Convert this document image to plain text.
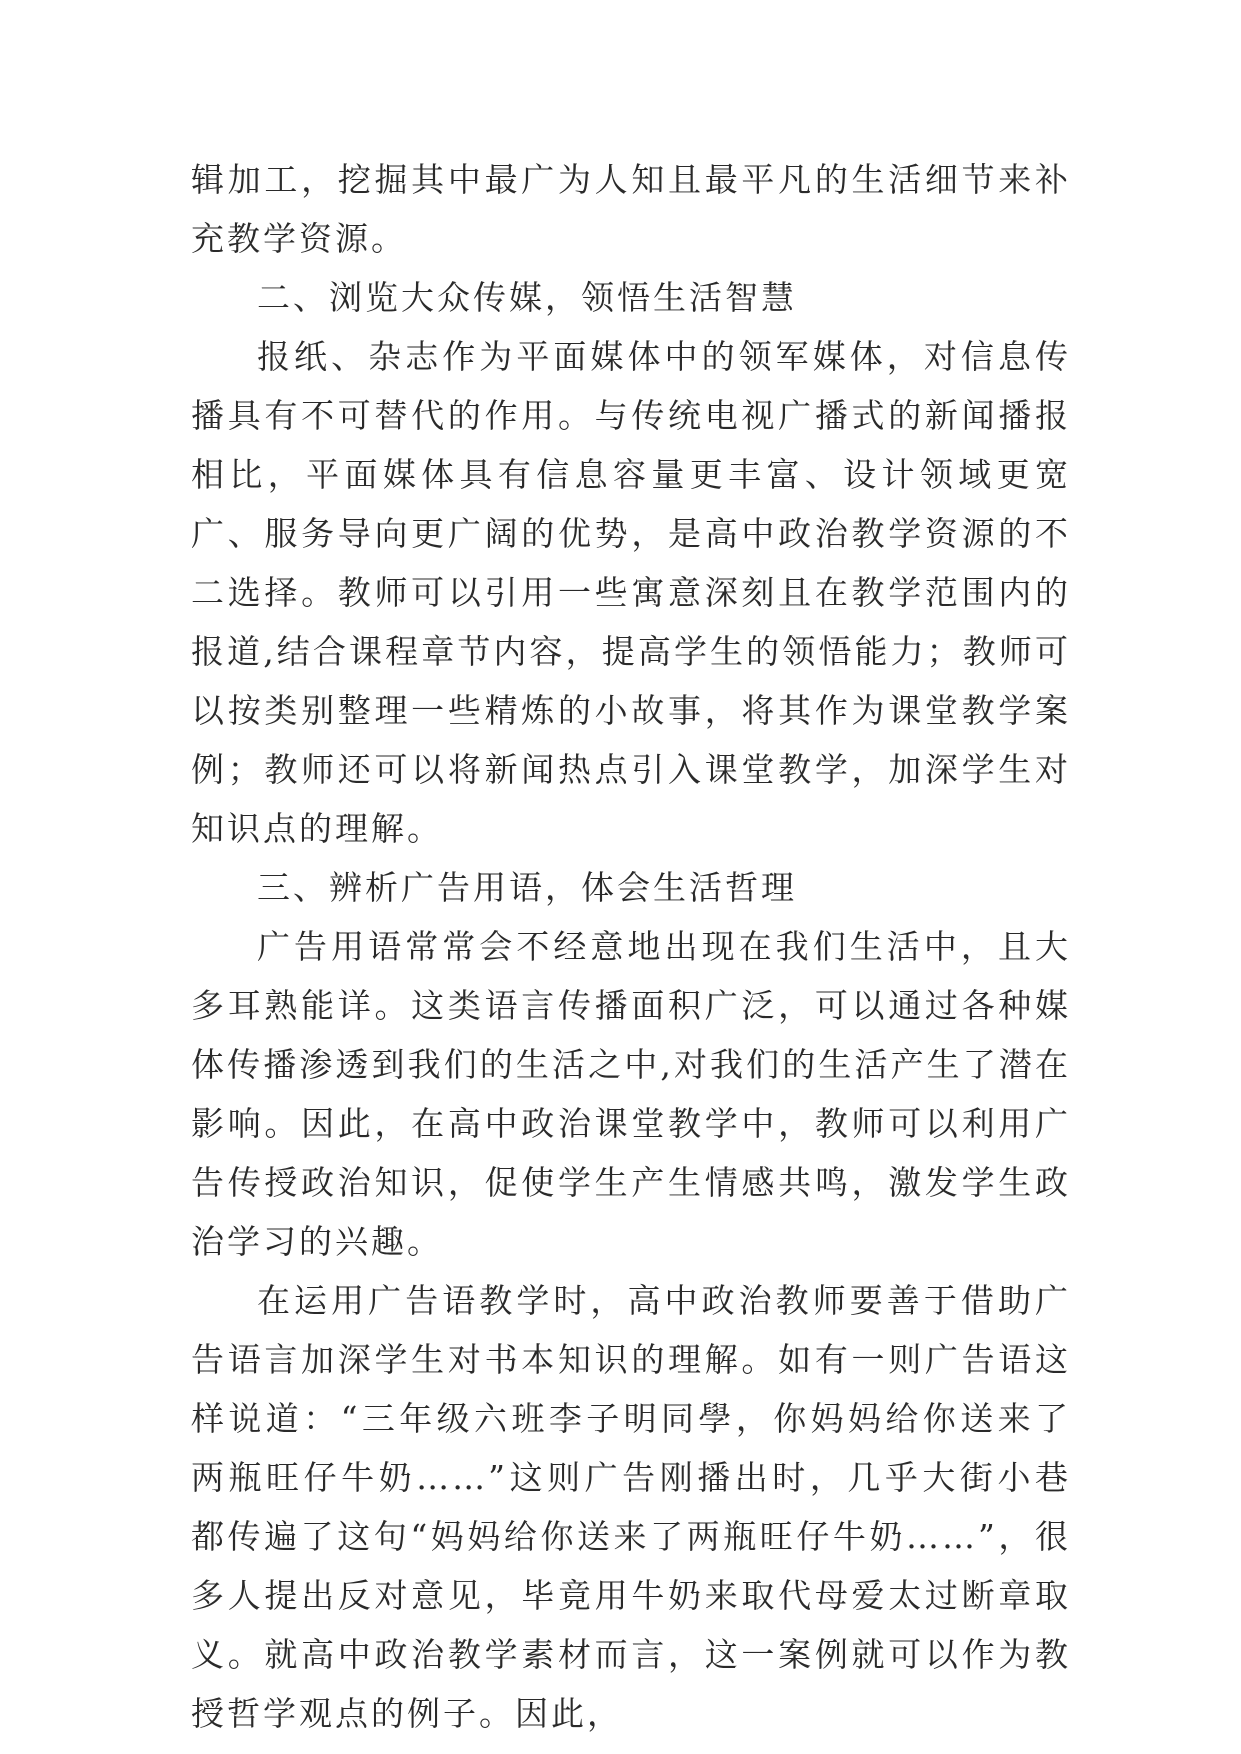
辑加工，挖掘其中最广为人知且最平凡的生活细节来补充教学资源。

二、浏览大众传媒，领悟生活智慧

报纸、杂志作为平面媒体中的领军媒体，对信息传播具有不可替代的作用。与传统电视广播式的新闻播报相比，平面媒体具有信息容量更丰富、设计领域更宽广、服务导向更广阔的优势，是高中政治教学资源的不二选择。教师可以引用一些寓意深刻且在教学范围内的报道,结合课程章节内容，提高学生的领悟能力；教师可以按类别整理一些精炼的小故事，将其作为课堂教学案例；教师还可以将新闻热点引入课堂教学，加深学生对知识点的理解。

三、辨析广告用语，体会生活哲理

广告用语常常会不经意地出现在我们生活中，且大多耳熟能详。这类语言传播面积广泛，可以通过各种媒体传播渗透到我们的生活之中,对我们的生活产生了潜在影响。因此，在高中政治课堂教学中，教师可以利用广告传授政治知识，促使学生产生情感共鸣，激发学生政治学习的兴趣。

在运用广告语教学时，高中政治教师要善于借助广告语言加深学生对书本知识的理解。如有一则广告语这样说道：“三年级六班李子明同學，你妈妈给你送来了两瓶旺仔牛奶……”这则广告刚播出时，几乎大街小巷都传遍了这句“妈妈给你送来了两瓶旺仔牛奶……”，很多人提出反对意见，毕竟用牛奶来取代母爱太过断章取义。就高中政治教学素材而言，这一案例就可以作为教授哲学观点的例子。因此，
